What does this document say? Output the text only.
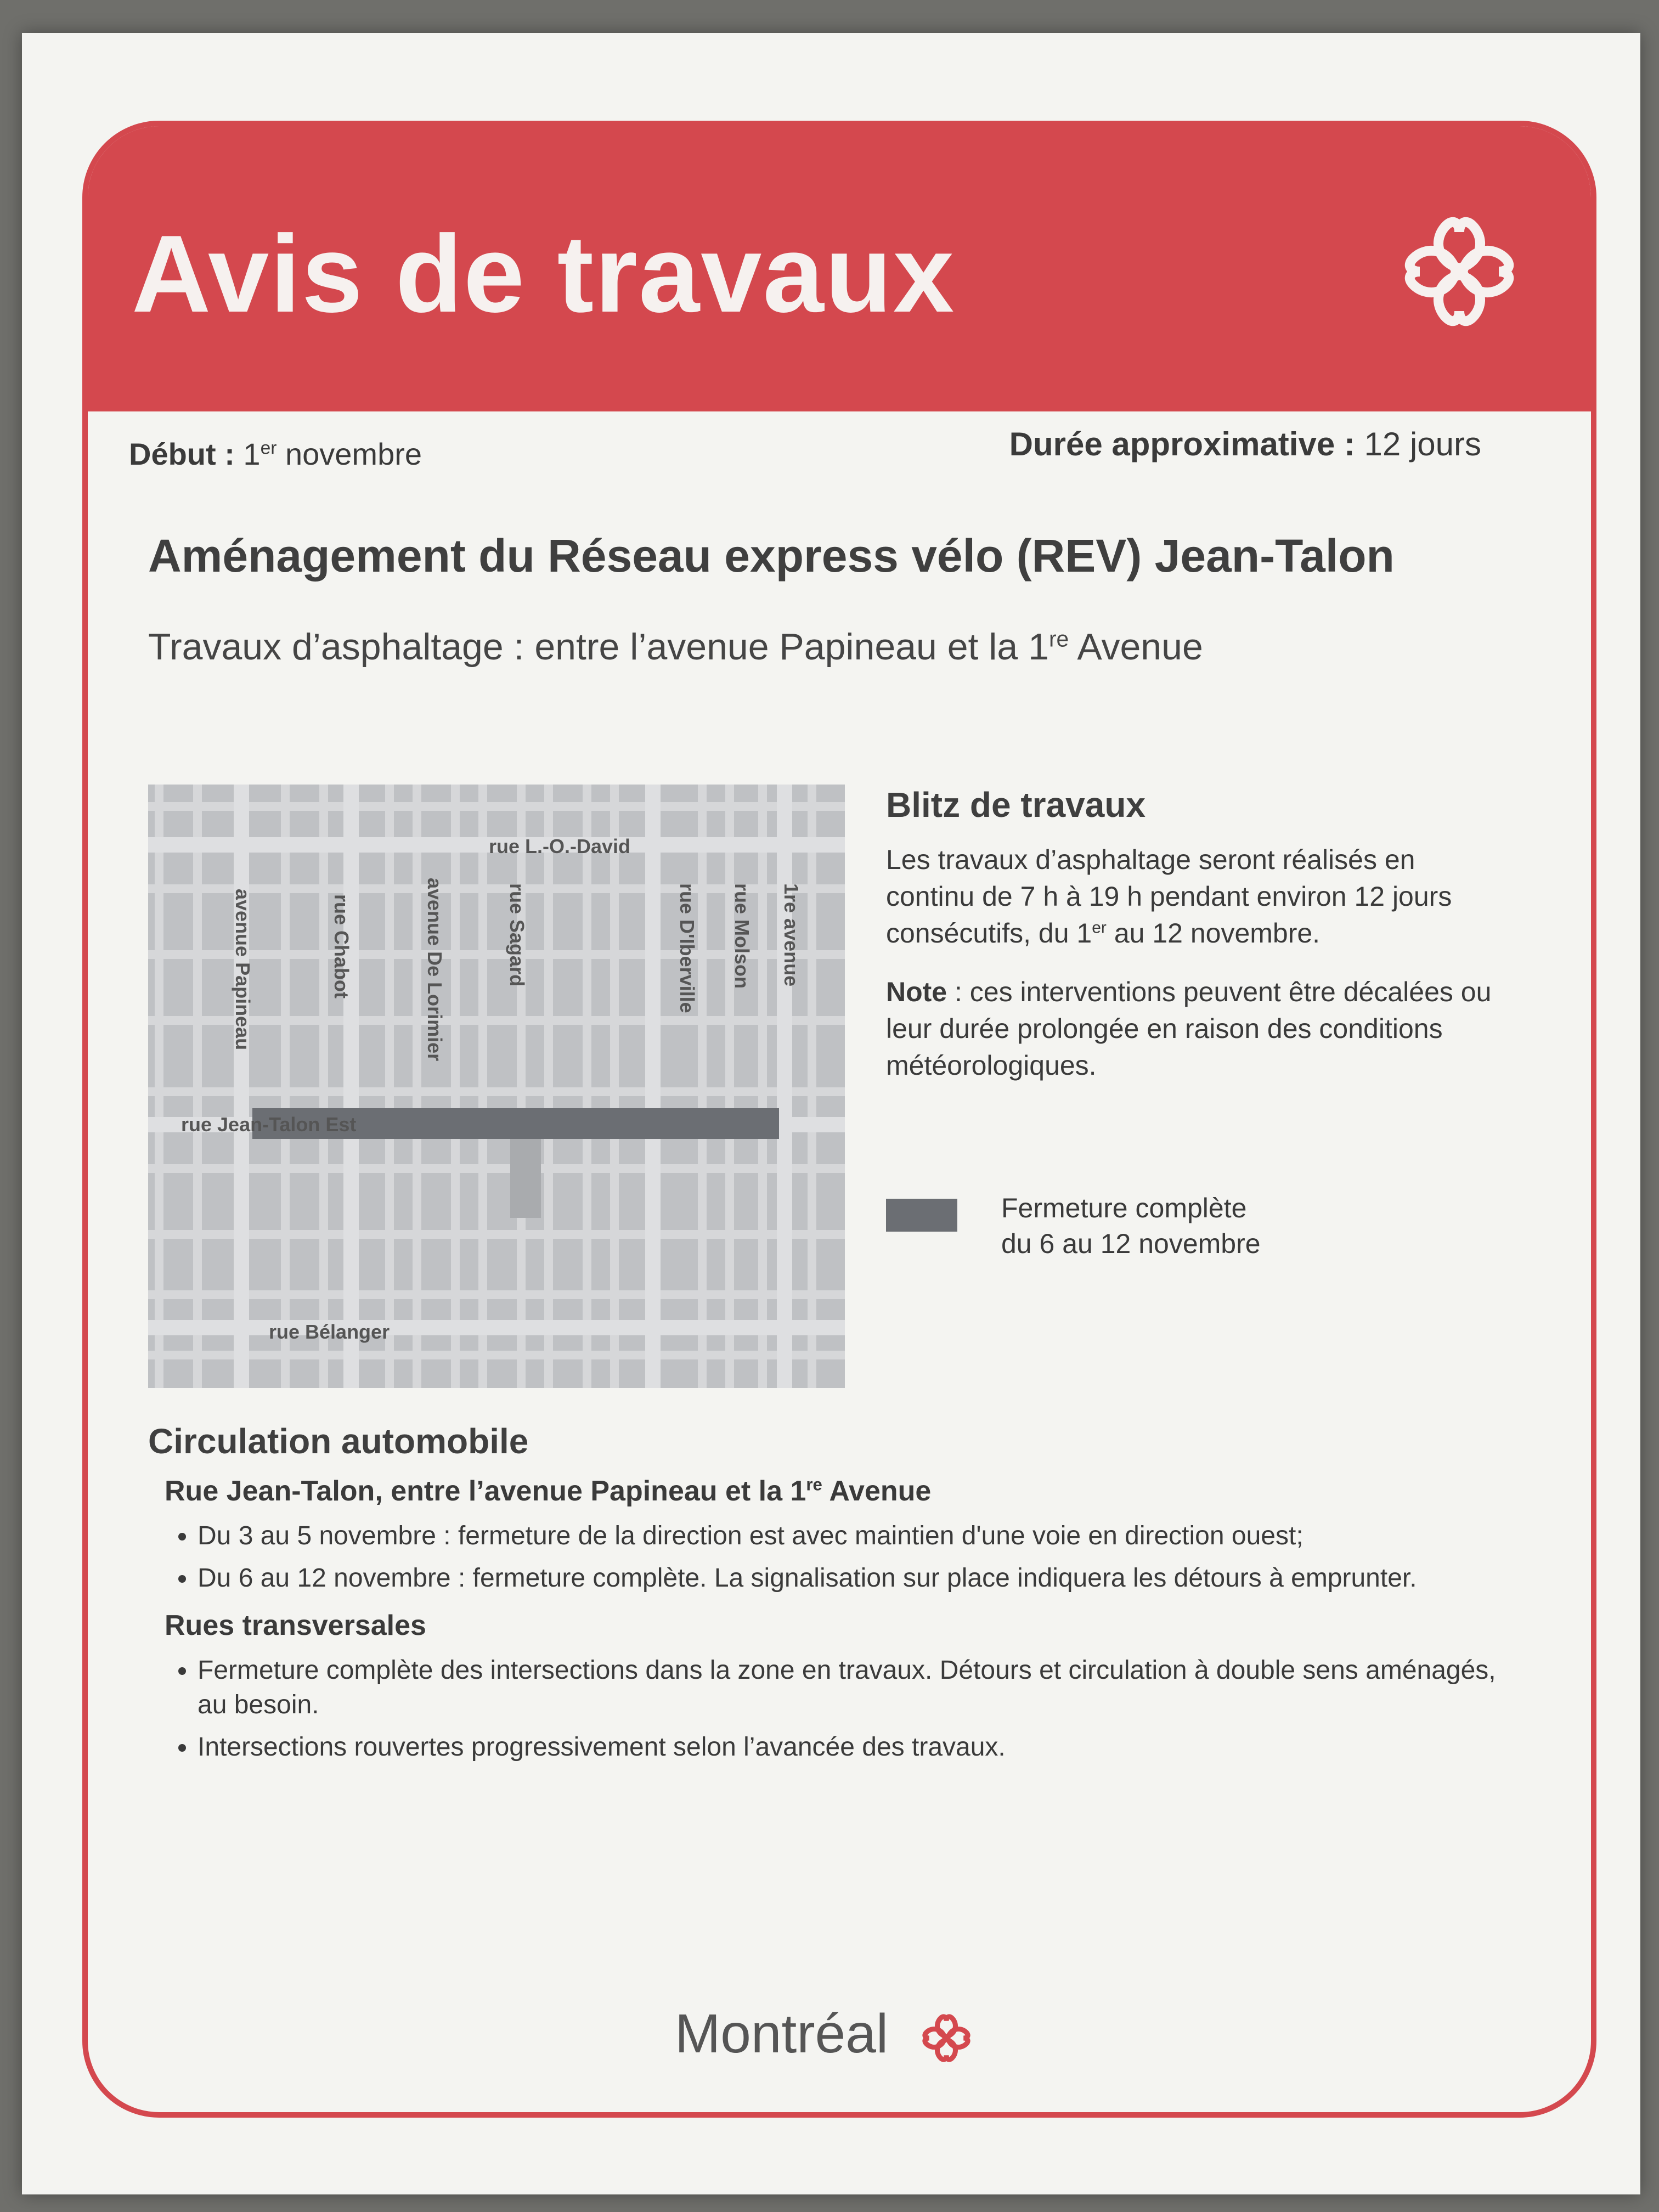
Avis de travaux
Début : 1er novembre	Durée approximative : 12 jours
Aménagement du Réseau express vélo (REV) Jean-Talon
Travaux d’asphaltage : entre l’avenue Papineau et la 1re Avenue
rue L.-O.-David
avenue Papineau	rue Chabot	avenue De Lorimier	rue Sagard	rue D'Iberville rue Molson 1re avenue
rue Jean-Talon Est
rue Bélanger
Blitz de travaux

Les travaux d’asphaltage seront réalisés en continu de 7 h à 19 h pendant environ 12 jours consécutifs, du 1er au 12 novembre.

Note : ces interventions peuvent être décalées ou leur durée prolongée en raison des conditions météorologiques.

Fermeture complète
du 6 au 12 novembre
Circulation automobile
Rue Jean-Talon, entre l’avenue Papineau et la 1re Avenue
• Du 3 au 5 novembre : fermeture de la direction est avec maintien d'une voie en direction ouest;
• Du 6 au 12 novembre : fermeture complète. La signalisation sur place indiquera les détours à emprunter.
Rues transversales
• Fermeture complète des intersections dans la zone en travaux. Détours et circulation à double sens aménagés, au besoin.
• Intersections rouvertes progressivement selon l’avancée des travaux.
Montréal
